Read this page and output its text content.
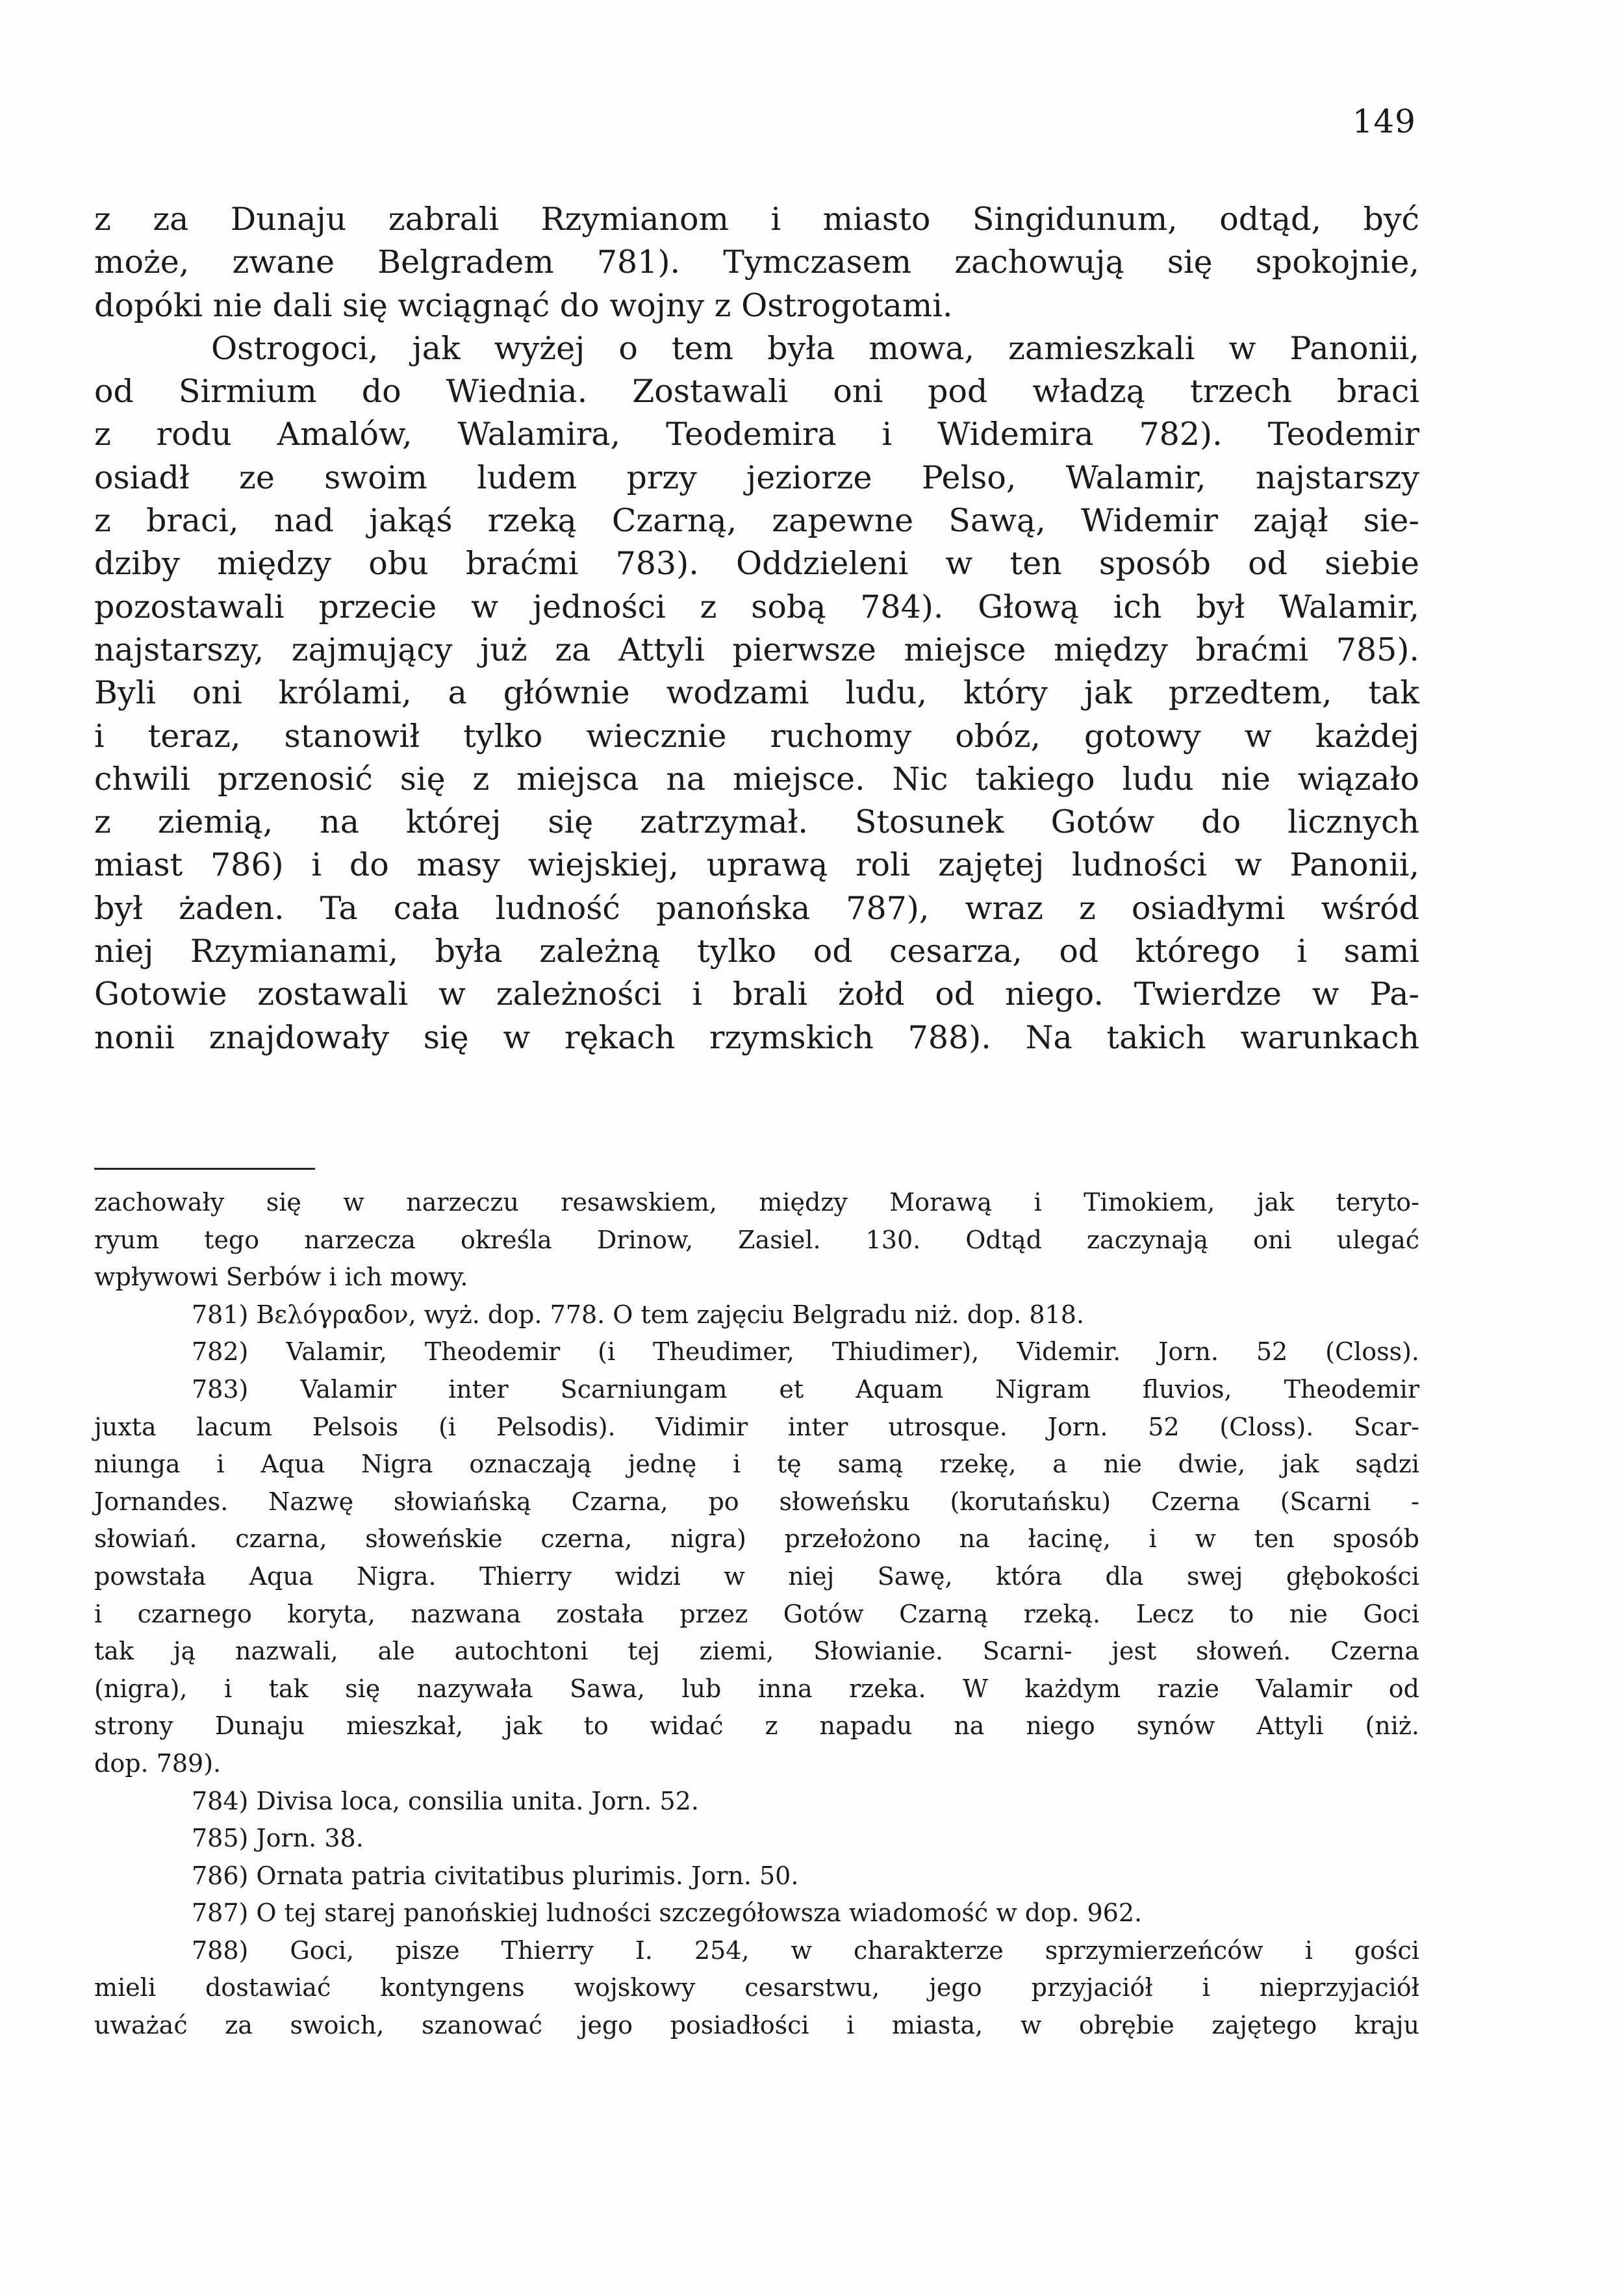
149
z za Dunaju zabrali Rzymianom i miasto Singidunum, odtąd, być
może, zwane Belgradem 781). Tymczasem zachowują się spokojnie,
dopóki nie dali się wciągnąć do wojny z Ostrogotami.
Ostrogoci, jak wyżej o tem była mowa, zamieszkali w Panonii,
od Sirmium do Wiednia. Zostawali oni pod władzą trzech braci
z rodu Amalów, Walamira, Teodemira i Widemira 782). Teodemir
osiadł ze swoim ludem przy jeziorze Pelso, Walamir, najstarszy
z braci, nad jakąś rzeką Czarną, zapewne Sawą, Widemir zajął sie-
dziby między obu braćmi 783). Oddzieleni w ten sposób od siebie
pozostawali przecie w jedności z sobą 784). Głową ich był Walamir,
najstarszy, zajmujący już za Attyli pierwsze miejsce między braćmi 785).
Byli oni królami, a głównie wodzami ludu, który jak przedtem, tak
i teraz, stanowił tylko wiecznie ruchomy obóz, gotowy w każdej
chwili przenosić się z miejsca na miejsce. Nic takiego ludu nie wiązało
z ziemią, na której się zatrzymał. Stosunek Gotów do licznych
miast 786) i do masy wiejskiej, uprawą roli zajętej ludności w Panonii,
był żaden. Ta cała ludność panońska 787), wraz z osiadłymi wśród
niej Rzymianami, była zależną tylko od cesarza, od którego i sami
Gotowie zostawali w zależności i brali żołd od niego. Twierdze w Pa-
nonii znajdowały się w rękach rzymskich 788). Na takich warunkach
zachowały się w narzeczu resawskiem, między Morawą i Timokiem, jak teryto-
ryum tego narzecza określa Drinow, Zasiel. 130. Odtąd zaczynają oni ulegać
wpływowi Serbów i ich mowy.
781) Βελόγραδον, wyż. dop. 778. O tem zajęciu Belgradu niż. dop. 818.
782) Valamir, Theodemir (i Theudimer, Thiudimer), Videmir. Jorn. 52 (Closs).
783) Valamir inter Scarniungam et Aquam Nigram fluvios, Theodemir
juxta lacum Pelsois (i Pelsodis). Vidimir inter utrosque. Jorn. 52 (Closs). Scar-
niunga i Aqua Nigra oznaczają jednę i tę samą rzekę, a nie dwie, jak sądzi
Jornandes. Nazwę słowiańską Czarna, po słoweńsku (korutańsku) Czerna (Scarni -
słowiań. czarna, słoweńskie czerna, nigra) przełożono na łacinę, i w ten sposób
powstała Aqua Nigra. Thierry widzi w niej Sawę, która dla swej głębokości
i czarnego koryta, nazwana została przez Gotów Czarną rzeką. Lecz to nie Goci
tak ją nazwali, ale autochtoni tej ziemi, Słowianie. Scarni- jest słoweń. Czerna
(nigra), i tak się nazywała Sawa, lub inna rzeka. W każdym razie Valamir od
strony Dunaju mieszkał, jak to widać z napadu na niego synów Attyli (niż.
dop. 789).
784) Divisa loca, consilia unita. Jorn. 52.
785) Jorn. 38.
786) Ornata patria civitatibus plurimis. Jorn. 50.
787) O tej starej panońskiej ludności szczegółowsza wiadomość w dop. 962.
788) Goci, pisze Thierry I. 254, w charakterze sprzymierzeńców i gości
mieli dostawiać kontyngens wojskowy cesarstwu, jego przyjaciół i nieprzyjaciół
uważać za swoich, szanować jego posiadłości i miasta, w obrębie zajętego kraju
